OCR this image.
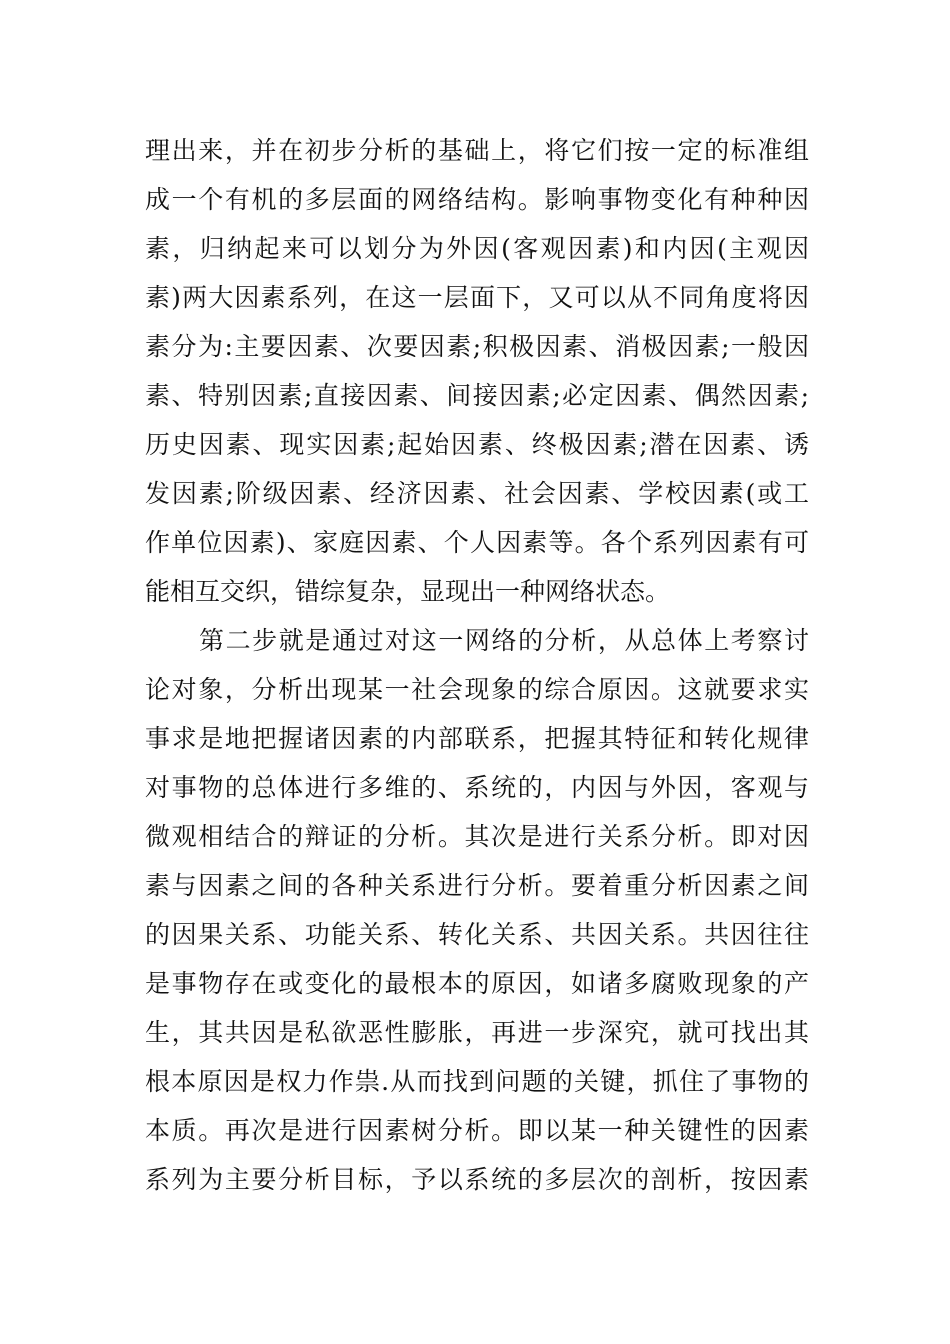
理出来，并在初步分析的基础上，将它们按一定的标准组
成一个有机的多层面的网络结构。影响事物变化有种种因
素，归纳起来可以划分为外因(客观因素)和内因(主观因
素)两大因素系列，在这一层面下，又可以从不同角度将因
素分为:主要因素、次要因素;积极因素、消极因素;一般因
素、特别因素;直接因素、间接因素;必定因素、偶然因素;
历史因素、现实因素;起始因素、终极因素;潜在因素、诱
发因素;阶级因素、经济因素、社会因素、学校因素(或工
作单位因素)、家庭因素、个人因素等。各个系列因素有可
能相互交织，错综复杂，显现出一种网络状态。
第二步就是通过对这一网络的分析，从总体上考察讨
论对象，分析出现某一社会现象的综合原因。这就要求实
事求是地把握诸因素的内部联系，把握其特征和转化规律
对事物的总体进行多维的、系统的，内因与外因，客观与
微观相结合的辩证的分析。其次是进行关系分析。即对因
素与因素之间的各种关系进行分析。要着重分析因素之间
的因果关系、功能关系、转化关系、共因关系。共因往往
是事物存在或变化的最根本的原因，如诸多腐败现象的产
生，其共因是私欲恶性膨胀，再进一步深究，就可找出其
根本原因是权力作祟.从而找到问题的关键，抓住了事物的
本质。再次是进行因素树分析。即以某一种关键性的因素
系列为主要分析目标，予以系统的多层次的剖析，按因素
